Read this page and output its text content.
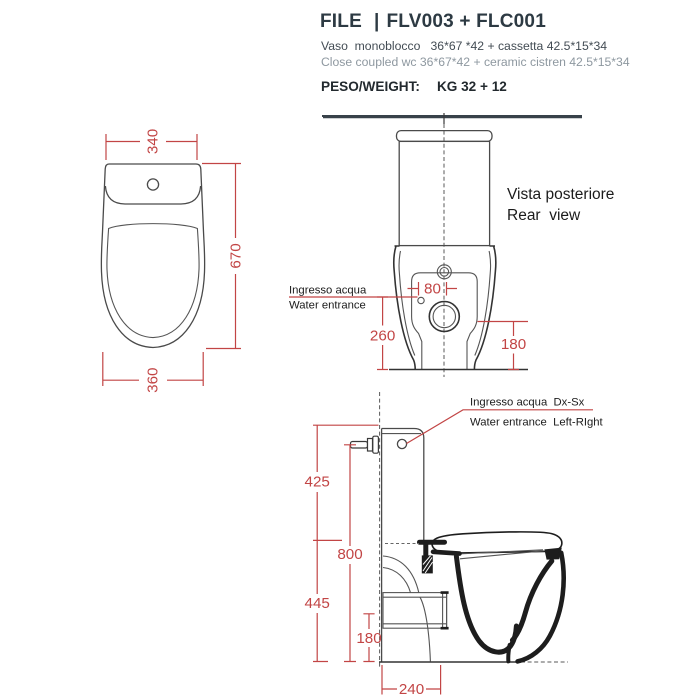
FILE | FLV003 + FLC001
Vaso  monoblocco   36*67 *42 + cassetta 42.5*15*34
Close coupled wc 36*67*42 + ceramic cistren 42.5*15*34
PESO/WEIGHT: KG 32 + 12
340
670
360
Vista posteriore
Rear  view
Ingresso acqua
Water entrance
80
260	180
Ingresso acqua  Dx-Sx
Water entrance  Left-RIght
425
445
800
180
240
